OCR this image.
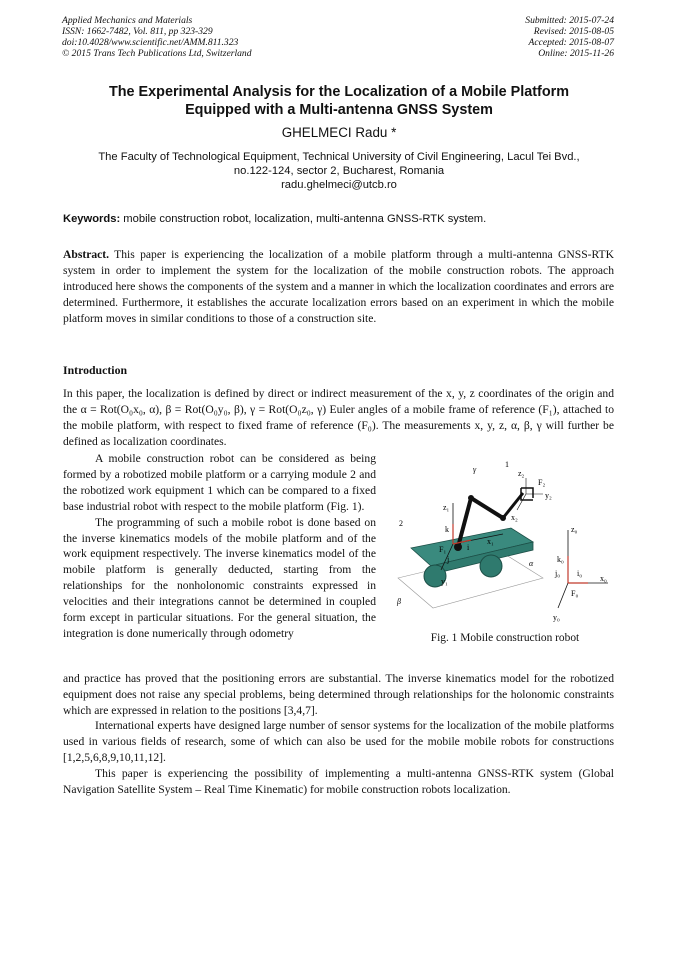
Applied Mechanics and Materials
ISSN: 1662-7482, Vol. 811, pp 323-329
doi:10.4028/www.scientific.net/AMM.811.323
© 2015 Trans Tech Publications Ltd, Switzerland
Submitted: 2015-07-24
Revised: 2015-08-05
Accepted: 2015-08-07
Online: 2015-11-26
The Experimental Analysis for the Localization of a Mobile Platform
Equipped with a Multi-antenna GNSS System
GHELMECI Radu *
The Faculty of Technological Equipment, Technical University of Civil Engineering, Lacul Tei Bvd.,
no.122-124, sector 2, Bucharest, Romania
radu.ghelmeci@utcb.ro
Keywords: mobile construction robot, localization, multi-antenna GNSS-RTK system.
Abstract. This paper is experiencing the localization of a mobile platform through a multi-antenna GNSS-RTK system in order to implement the system for the localization of the mobile construction robots. The approach introduced here shows the components of the system and a manner in which the localization coordinates and errors are determined. Furthermore, it establishes the accurate localization errors based on an experiment in which the mobile platform moves in similar conditions to those of a construction site.
Introduction
In this paper, the localization is defined by direct or indirect measurement of the x, y, z coordinates of the origin and the α = Rot(O₀x₀, α), β = Rot(O₀y₀, β), γ = Rot(O₀z₀, γ) Euler angles of a mobile frame of reference (F₁), attached to the mobile platform, with respect to fixed frame of reference (F₀). The measurements x, y, z, α, β, γ will further be defined as localization coordinates.
A mobile construction robot can be considered as being formed by a robotized mobile platform or a carrying module 2 and the robotized work equipment 1 which can be compared to a fixed base industrial robot with respect to the mobile platform (Fig. 1).
The programming of such a mobile robot is done based on the inverse kinematics models of the mobile platform and of the work equipment respectively. The inverse kinematics model of the mobile platform is generally deducted, starting from the relationships for the nonholonomic constraints expressed in velocities and their integrations cannot be determined in coupled form except in particular situations. For the general situation, the integration is done numerically through odometry
and practice has proved that the positioning errors are substantial. The inverse kinematics model for the robotized equipment does not raise any special problems, being determined through relationships for the holonomic constraints which are expressed in relation to the positions [3,4,7].
International experts have designed large number of sensor systems for the localization of the mobile platforms used in various fields of research, some of which can also be used for the mobile mobile robots for constructions [1,2,5,6,8,9,10,11,12].
This paper is experiencing the possibility of implementing a multi-antenna GNSS-RTK system (Global Navigation Satellite System – Real Time Kinematic) for mobile construction robots localization.
1
2
γ
z₁
k
F₁
x₁
y₁
i
j
z₂
F₂
y₂
x₂
z₀
k₀
i₀
j₀
F₀
x₀
y₀
α
β
Fig. 1 Mobile construction robot
